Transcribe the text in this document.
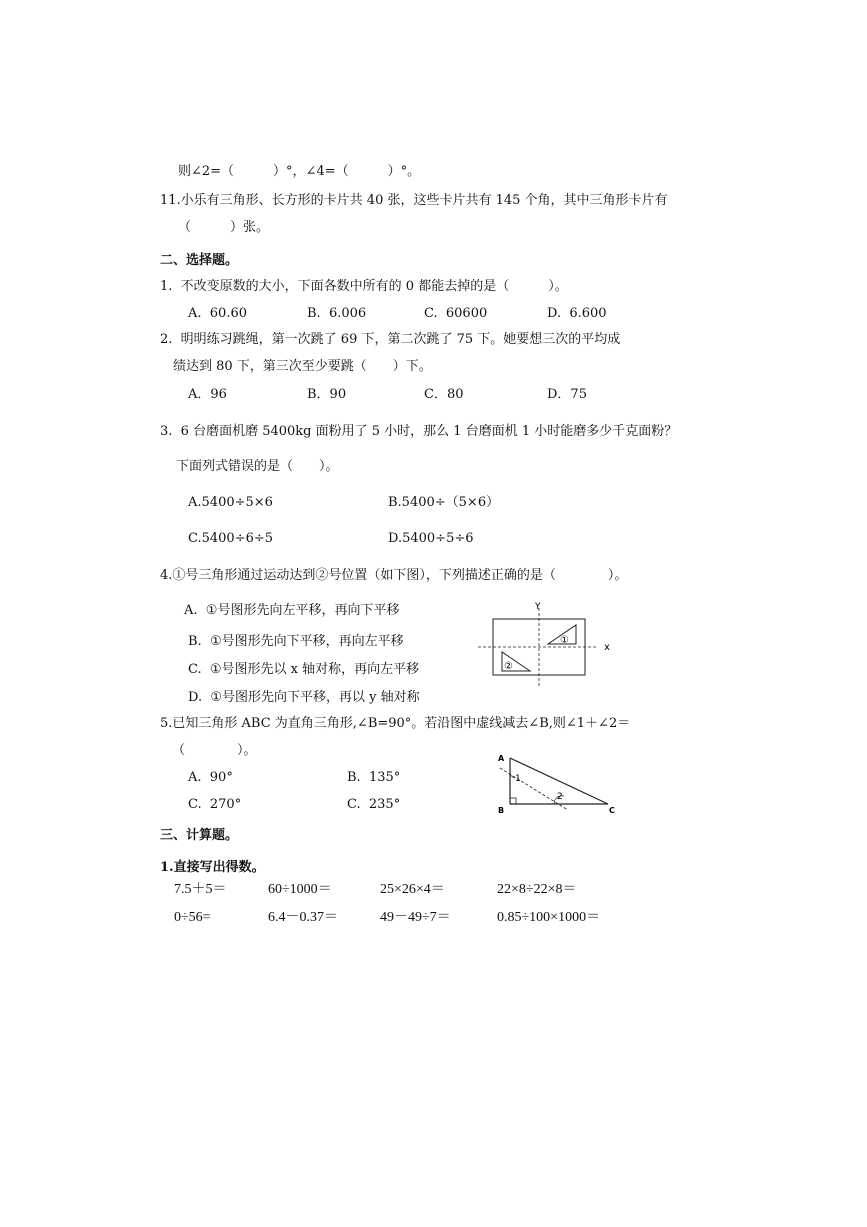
则∠2=（　　　）°，∠4=（　　　）°。
11.小乐有三角形、长方形的卡片共 40 张，这些卡片共有 145 个角，其中三角形卡片有
（　　　）张。
二、选择题。
1.  不改变原数的大小，下面各数中所有的 0 都能去掉的是（　　　）。
A.  60.60	B.  6.006	C.  60600	D.  6.600
2.  明明练习跳绳，第一次跳了 69 下，第二次跳了 75 下。她要想三次的平均成
绩达到 80 下，第三次至少要跳（　　）下。
A．96	B．90	C．80	D．75
3.  6 台磨面机磨 5400kg 面粉用了 5 小时，那么 1 台磨面机 1 小时能磨多少千克面粉？
下面列式错误的是（　　）。
A.5400÷5×6	B.5400÷（5×6）
C.5400÷6÷5	D.5400÷5÷6
4.①号三角形通过运动达到②号位置（如下图），下列描述正确的是（　　　　）。
A.  ①号图形先向左平移，再向下平移
B.  ①号图形先向下平移，再向左平移
C.  ①号图形先以 x 轴对称，再向左平移
D.  ①号图形先向下平移，再以 y 轴对称
Y
x
①
②
5.已知三角形 ABC 为直角三角形,∠B=90°。若沿图中虚线减去∠B,则∠1＋∠2＝
（　　　　）。
A.  90°	B.  135°
C.  270°	C.  235°
A
B	C
1
2
三、计算题。
1.直接写出得数。
7.5＋5＝	60÷1000＝	25×26×4＝	22×8÷22×8＝
0÷56=	6.4－0.37＝	49－49÷7＝	0.85÷100×1000＝
